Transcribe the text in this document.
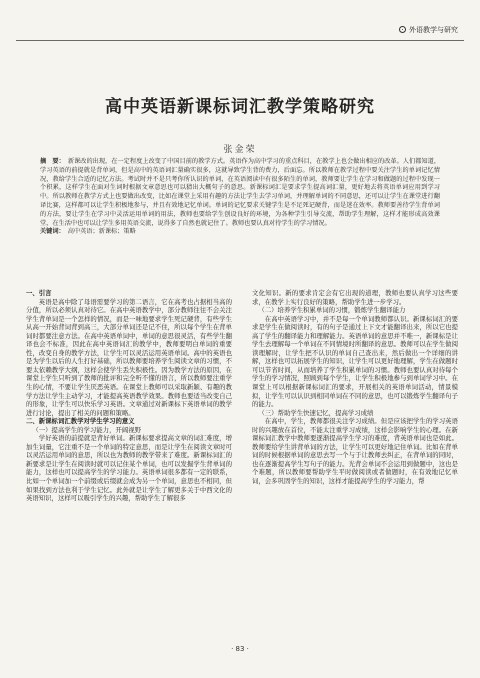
外语教学与研究
高中英语新课标词汇教学策略研究
张金荣
摘　要： 新课改的出现，在一定程度上改变了中国目前的教学方式。英语作为高中学习的重点科目，在教学上也会做出相应的改革。人们都知道，学习英语的前提就是背单词，但是高中的英语词汇量确实很多，这就导致学生背的费力，后面忘。所以教师在教学过程中要关注学生的单词记忆情况，教给学生合适的记忆方法。考试时并不是只考你所认识的单词，在英语阅读中有很多陌生的单词，教师要让学生在学习和做题的过程中发现一个积累，这样学生在面对生词时根据文章意思也可以猜出大概句子的意思。新课标词汇是要求学生提高词汇量，更好地去将英语单词应用到学习中。所以教师在教学方式上也要做出改变，比如在课堂上采用有趣的方法让学生去学习单词，并理解单词的不同意思，还可以让学生在课堂进行翻译比赛，这样都可以让学生积极地参与，并且有效地记忆单词。单词的记忆要求关键学生是不足死记硬背，而是迷在效率。教师要善待学生背单词的方法，要让学生在学习中灵活运用单词的用法，教师也要给学生创设良好的环境，为各种学生引导交流，帮助学生理解，这样才能形成高效课堂，在生活中也可以让学生多用英语交流，说得多了自然也就记住了。教师也要认真对待学生的学习情况。
关键词： 高中英语；新课标；策略

一、引言

英语是高中除了母语需要学习的第二语言，它在高考也占据相当高的分值，所以必须认真对待它。在高中英语教学中，部分教师往往不会关注学生背单词是一个怎样的情况，而是一味地要求学生死记硬背，有些学生从高一开始背词背到高三，大部分单词还是记不住，所以每个学生在背单词时都要注意方法。在高中英语单词中，单词的意思很灵活，有些学生翻译也会不标准，因此在高中英语词汇的教学中，教师要明白单词的重要性，改变自身的教学方法，让学生可以灵活运用英语单词。高中的英语也是为学生以后的人生打好基础，所以教师要培养学生阅读文章的习惯，不要太依赖教学大纲，这样会使学生丢失积极性。因为教学方法的原因，在课堂上学生只听到了教师的批评和完全听不懂的语言，所以教师要注重学生的心情，不要让学生厌恶英语。在课堂上教师可以采取新颖、有趣的教学方法让学生主动学习，才能提高英语教学效果。教师也要适当改变自己的形象，让学生可以快乐学习英语。文章通过对新课标下英语单词的教学进行讨论，提出了相关的问题和策略。

二、新课标词汇教学对学生学习的意义

（一）提高学生的学习能力，开阔视野

学好英语的前提就是背好单词。新课标要求提高文章的词汇难度，增加生词量，它注重不是一个单词的特定意思，而是让学生在阅读文章时可以灵活运用单词的意思，所以也为教师的教学带来了难度。新课标词汇的新要求是让学生在阅读时就可以记住某个单词，也可以发掘学生背单词的能力，这样也可以提高学生的学习能力。英语单词很多都有一定的联系，比如一个单词加一个前缀或后缀就会成为另一个单词，意思也不相同，但如果找到方法也利于学生记忆。此外就是让学生了解更多关于中西文化的英语知识，这样可以吸引学生的兴趣，帮助学生了解很多

文化知识。新的要求肯定会有它出现的道理，教师也要认真学习这些要求，在教学上实行良好的策略，帮助学生进一步学习。

（二）培养学生积累单词的习惯，锻炼学生翻译能力

在高中英语学习中，并不是每一个单词教师都认识。新课标词汇的要求是学生在做阅读时，有的句子是通过上下文才能翻译出来，所以它也提高了学生的翻译能力和理解能力。英语单词的意思并不唯一，新课标是让学生去理解每一个单词在不同情境时所翻译的意思。教师可以在学生做阅读理解时，让学生把不认识的单词自己查出来，然后做出一个详细的讲解，这样也可以拓展学生的知识，让学生可以更好地理解，学生在做题时可以节省时间，从而培养了学生积累单词的习惯。教师也要认真对待每个学生的学习情况，照顾到每个学生，让学生积极地参与到单词学习中。在课堂上可以根据新课标词汇的要求，开展相关的英语单词活动，情景模拟，让学生可以认识到相同单词在不同的意思，也可以锻炼学生翻译句子的能力。

（三）帮助学生快速记忆，提高学习成绩

在高中，学生，教师都很关注学习成绩。但是应该把学生的学习英语时的兴趣放在首位，不能太注重学习成绩，这样会影响学生的心理。在新课标词汇教学中教师要逐渐提高学生学习的难度，背英语单词也是如此。教师要给学生讲背单词的方法，让学生可以更好地记住单词。比如在背单词的时候根据单词的意思去写一个与于让教师去纠正，在背单词的同时，也在逐渐提高学生写句子的能力。光背会单词不会运用到做题中，这也是个难题，所以教师要帮助学生平时做阅读或者做题时，在有效地记忆单词，会多巩固学生的知识，这样才能提高学生的学习能力，帮

· 83 ·
